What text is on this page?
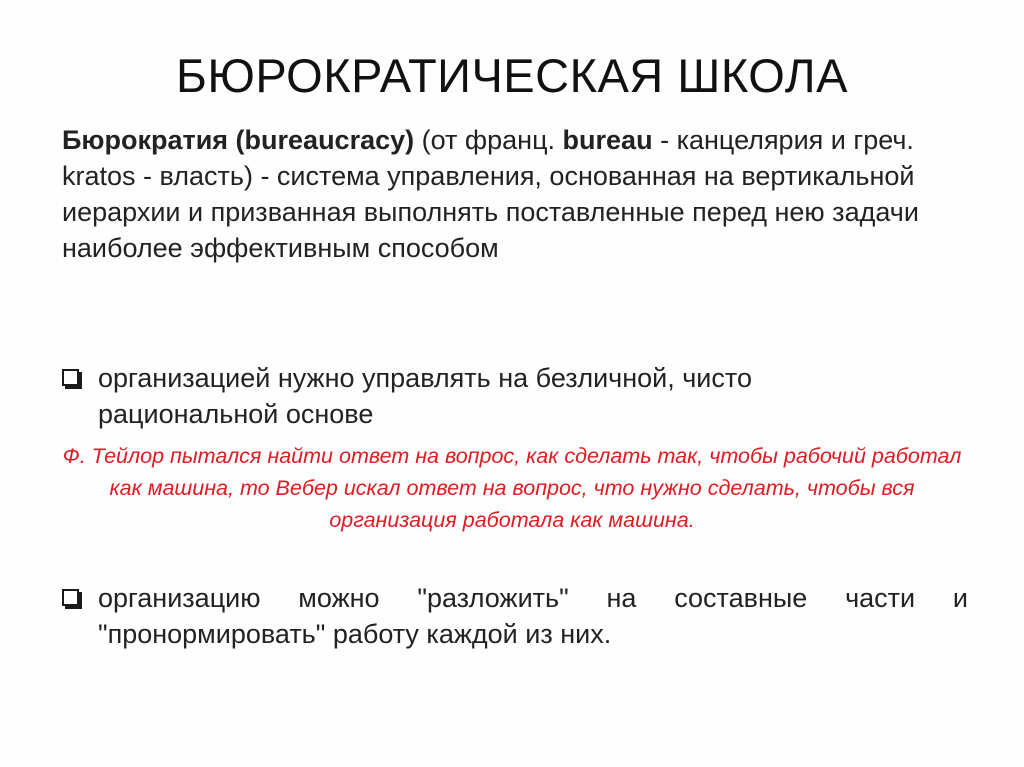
БЮРОКРАТИЧЕСКАЯ ШКОЛА
Бюрократия (bureaucracy) (от франц. bureau - канцелярия и греч. kratos - власть) - система управления, основанная на вертикальной иерархии и призванная выполнять поставленные перед нею задачи наиболее эффективным способом
организацией нужно управлять на безличной, чисто рациональной основе
Ф. Тейлор пытался найти ответ на вопрос, как сделать так, чтобы рабочий работал как машина, то Вебер искал ответ на вопрос, что нужно сделать, чтобы вся организация работала как машина.
организацию можно "разложить" на составные части и "пронормировать" работу каждой из них.
